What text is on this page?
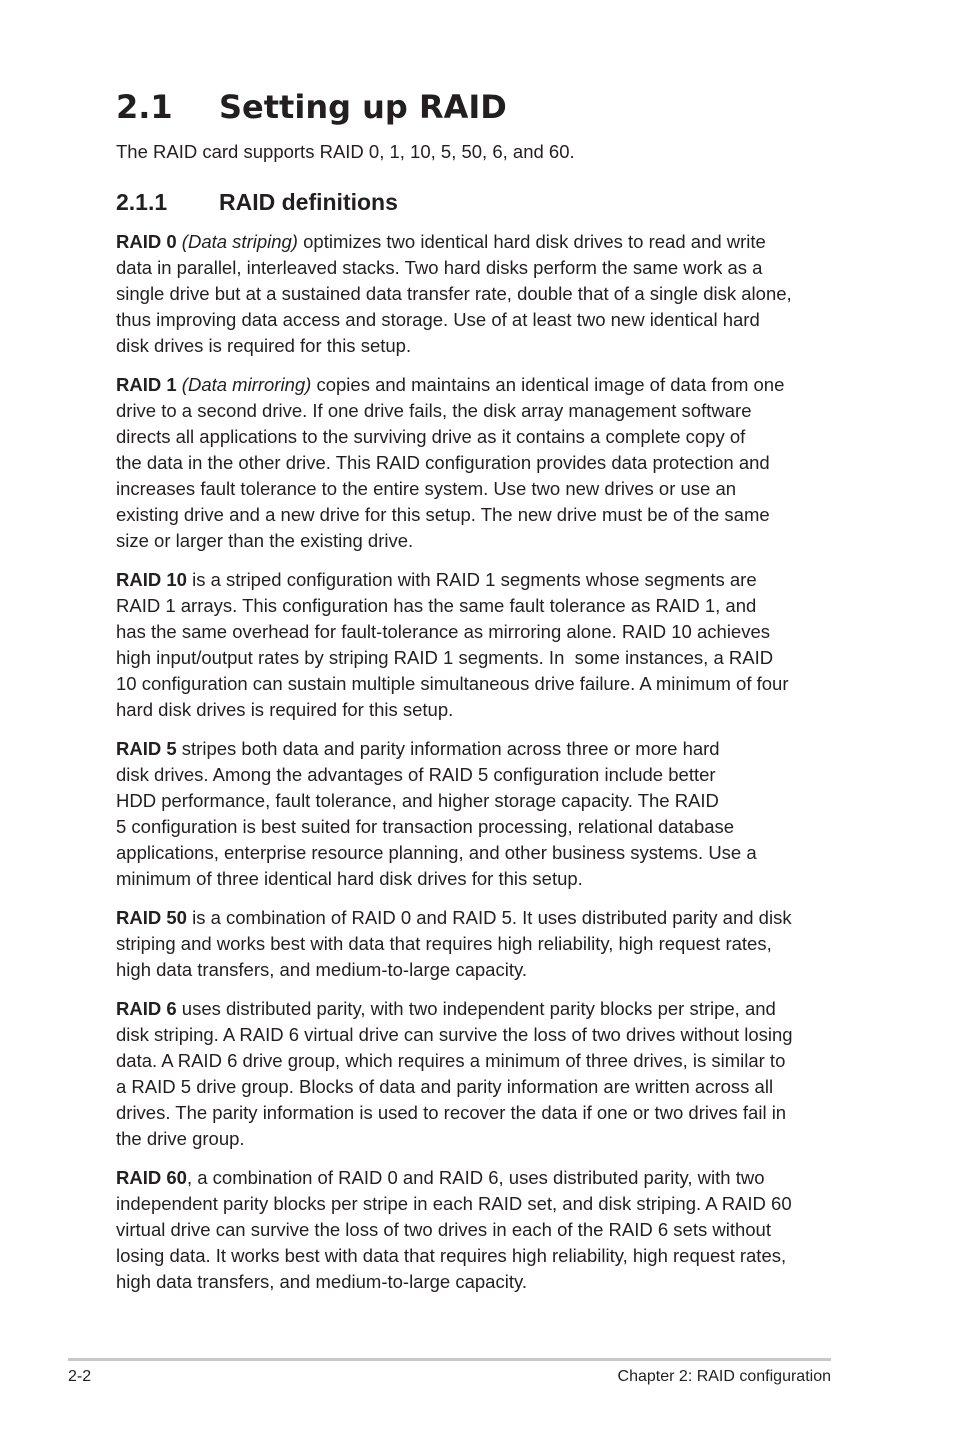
2.1 Setting up RAID

The RAID card supports RAID 0, 1, 10, 5, 50, 6, and 60.

2.1.1 RAID definitions
RAID 0 (Data striping) optimizes two identical hard disk drives to read and write
data in parallel, interleaved stacks. Two hard disks perform the same work as a
single drive but at a sustained data transfer rate, double that of a single disk alone,
thus improving data access and storage. Use of at least two new identical hard
disk drives is required for this setup.
RAID 1 (Data mirroring) copies and maintains an identical image of data from one
drive to a second drive. If one drive fails, the disk array management software
directs all applications to the surviving drive as it contains a complete copy of
the data in the other drive. This RAID configuration provides data protection and
increases fault tolerance to the entire system. Use two new drives or use an
existing drive and a new drive for this setup. The new drive must be of the same
size or larger than the existing drive.
RAID 10 is a striped configuration with RAID 1 segments whose segments are
RAID 1 arrays. This configuration has the same fault tolerance as RAID 1, and
has the same overhead for fault-tolerance as mirroring alone. RAID 10 achieves
high input/output rates by striping RAID 1 segments. In  some instances, a RAID
10 configuration can sustain multiple simultaneous drive failure. A minimum of four
hard disk drives is required for this setup.
RAID 5 stripes both data and parity information across three or more hard
disk drives. Among the advantages of RAID 5 configuration include better
HDD performance, fault tolerance, and higher storage capacity. The RAID
5 configuration is best suited for transaction processing, relational database
applications, enterprise resource planning, and other business systems. Use a
minimum of three identical hard disk drives for this setup.
RAID 50 is a combination of RAID 0 and RAID 5. It uses distributed parity and disk
striping and works best with data that requires high reliability, high request rates,
high data transfers, and medium-to-large capacity.
RAID 6 uses distributed parity, with two independent parity blocks per stripe, and
disk striping. A RAID 6 virtual drive can survive the loss of two drives without losing
data. A RAID 6 drive group, which requires a minimum of three drives, is similar to
a RAID 5 drive group. Blocks of data and parity information are written across all
drives. The parity information is used to recover the data if one or two drives fail in
the drive group.
RAID 60, a combination of RAID 0 and RAID 6, uses distributed parity, with two
independent parity blocks per stripe in each RAID set, and disk striping. A RAID 60
virtual drive can survive the loss of two drives in each of the RAID 6 sets without
losing data. It works best with data that requires high reliability, high request rates,
high data transfers, and medium-to-large capacity.
2-2	Chapter 2: RAID configuration
